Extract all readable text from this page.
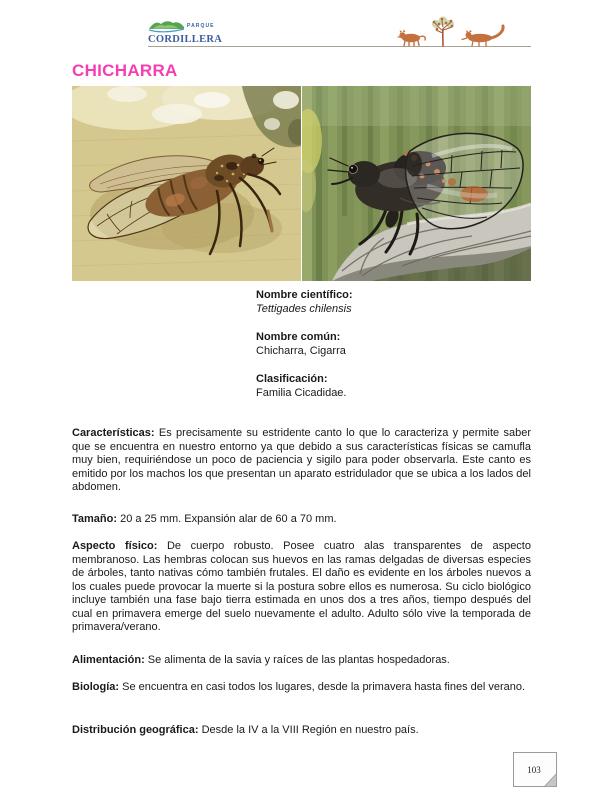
PARQUE
CORDILLERA
CHICHARRA

Nombre científico:
Tettigades chilensis

Nombre común:
Chicharra, Cigarra

Clasificación:
Familia Cicadidae.

Características: Es precisamente su estridente canto lo que lo caracteriza y permite saber que se encuentra en nuestro entorno ya que debido a sus características físicas se camufla muy bien, requiriéndose un poco de paciencia y sigilo para poder observarla. Este canto es emitido por los machos los que presentan un aparato estridulador que se ubica a los lados del abdomen.

Tamaño: 20 a 25 mm. Expansión alar de 60 a 70 mm.

Aspecto físico: De cuerpo robusto. Posee cuatro alas transparentes de aspecto membranoso. Las hembras colocan sus huevos en las ramas delgadas de diversas especies de árboles, tanto nativas cómo también frutales. El daño es evidente en los árboles nuevos a los cuales puede provocar la muerte si la postura sobre ellos es numerosa. Su ciclo biológico incluye también una fase bajo tierra estimada en unos dos a tres años, tiempo después del cual en primavera emerge del suelo nuevamente el adulto. Adulto sólo vive la temporada de primavera/verano.

Alimentación: Se alimenta de la savia y raíces de las plantas hospedadoras.

Biología: Se encuentra en casi todos los lugares, desde la primavera hasta fines del verano.

Distribución geográfica: Desde la IV a la VIII Región en nuestro país.

103
